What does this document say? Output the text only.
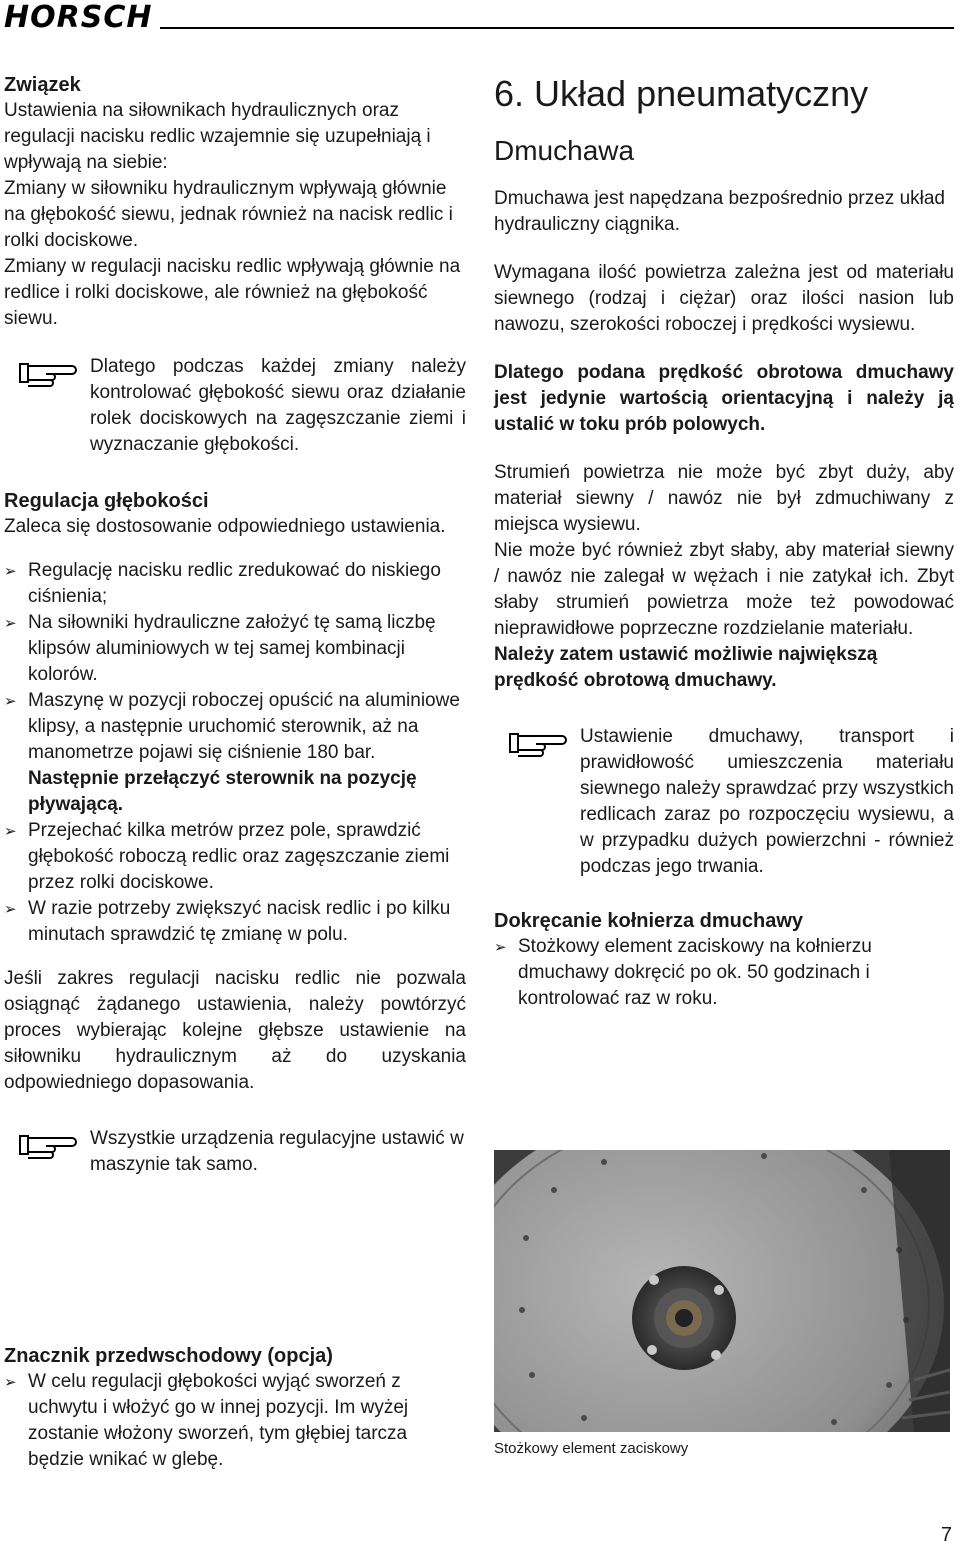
HORSCH

Związek

Ustawienia na siłownikach hydraulicznych oraz regulacji nacisku redlic wzajemnie się uzupełniają i wpływają na siebie:

Zmiany w siłowniku hydraulicznym wpływają głównie na głębokość siewu, jednak również na nacisk redlic i rolki dociskowe.

Zmiany w regulacji nacisku redlic wpływają głównie na redlice i rolki dociskowe, ale również na głębokość siewu.

Dlatego podczas każdej zmiany należy kontrolować głębokość siewu oraz działanie rolek dociskowych na zagęszczanie ziemi i wyznaczanie głębokości.

Regulacja głębokości

Zaleca się dostosowanie odpowiedniego ustawienia.

➢ Regulację nacisku redlic zredukować do niskiego ciśnienia;
➢ Na siłowniki hydrauliczne założyć tę samą liczbę klipsów aluminiowych w tej samej kombinacji kolorów.
➢ Maszynę w pozycji roboczej opuścić na aluminiowe klipsy, a następnie uruchomić sterownik, aż na manometrze pojawi się ciśnienie 180 bar.
Następnie przełączyć sterownik na pozycję pływającą.
➢ Przejechać kilka metrów przez pole, sprawdzić głębokość roboczą redlic oraz zagęszczanie ziemi przez rolki dociskowe.
➢ W razie potrzeby zwiększyć nacisk redlic i po kilku minutach sprawdzić tę zmianę w polu.

Jeśli zakres regulacji nacisku redlic nie pozwala osiągnąć żądanego ustawienia, należy powtórzyć proces wybierając kolejne głębsze ustawienie na siłowniku hydraulicznym aż do uzyskania odpowiedniego dopasowania.

Wszystkie urządzenia regulacyjne ustawić w maszynie tak samo.

Znacznik przedwschodowy (opcja)

➢ W celu regulacji głębokości wyjąć sworzeń z uchwytu i włożyć go w innej pozycji. Im wyżej zostanie włożony sworzeń, tym głębiej tarcza będzie wnikać w glebę.

6. Układ pneumatyczny

Dmuchawa

Dmuchawa jest napędzana bezpośrednio przez układ hydrauliczny ciągnika.

Wymagana ilość powietrza zależna jest od materiału siewnego (rodzaj i ciężar) oraz ilości nasion lub nawozu, szerokości roboczej i prędkości wysiewu.

Dlatego podana prędkość obrotowa dmuchawy jest jedynie wartością orientacyjną i należy ją ustalić w toku prób polowych.

Strumień powietrza nie może być zbyt duży, aby materiał siewny / nawóz nie był zdmuchiwany z miejsca wysiewu.

Nie może być również zbyt słaby, aby materiał siewny / nawóz nie zalegał w wężach i nie zatykał ich. Zbyt słaby strumień powietrza może też powodować nieprawidłowe poprzeczne rozdzielanie materiału.

Należy zatem ustawić możliwie największą prędkość obrotową dmuchawy.

Ustawienie dmuchawy, transport i prawidłowość umieszczenia materiału siewnego należy sprawdzać przy wszystkich redlicach zaraz po rozpoczęciu wysiewu, a w przypadku dużych powierzchni - również podczas jego trwania.

Dokręcanie kołnierza dmuchawy

➢ Stożkowy element zaciskowy na kołnierzu dmuchawy dokręcić po ok. 50 godzinach i kontrolować raz w roku.
Stożkowy element zaciskowy
7
